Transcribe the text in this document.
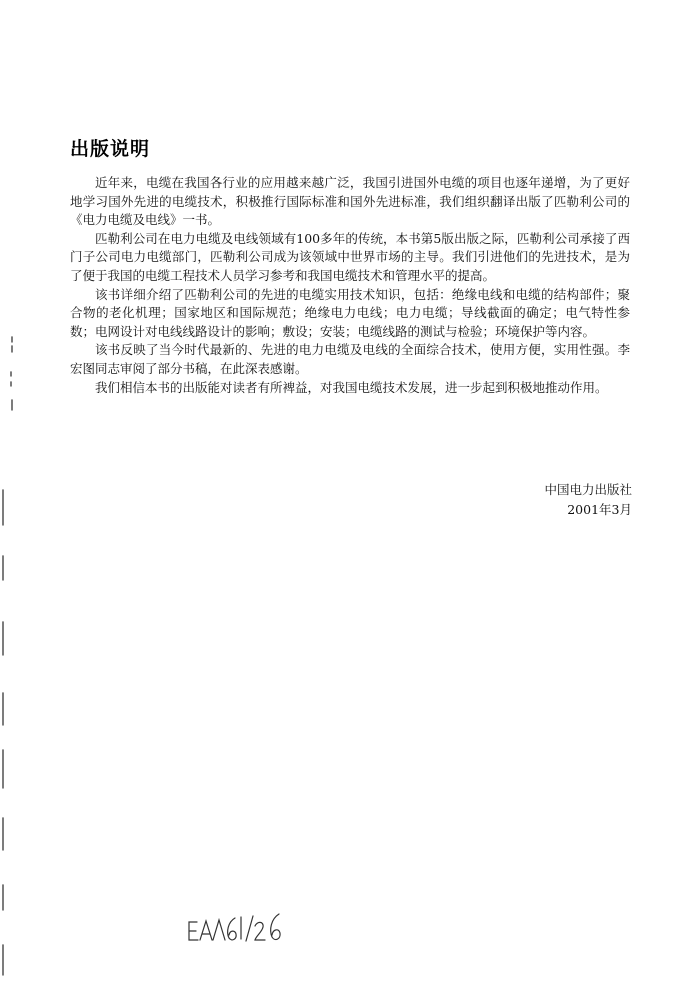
出版说明

近年来，电缆在我国各行业的应用越来越广泛，我国引进国外电缆的项目也逐年递增，为了更好地学习国外先进的电缆技术，积极推行国际标准和国外先进标准，我们组织翻译出版了匹勒利公司的《电力电缆及电线》一书。

匹勒利公司在电力电缆及电线领域有100多年的传统，本书第5版出版之际，匹勒利公司承接了西门子公司电力电缆部门，匹勒利公司成为该领域中世界市场的主导。我们引进他们的先进技术，是为了便于我国的电缆工程技术人员学习参考和我国电缆技术和管理水平的提高。

该书详细介绍了匹勒利公司的先进的电缆实用技术知识，包括：绝缘电线和电缆的结构部件；聚合物的老化机理；国家地区和国际规范；绝缘电力电线；电力电缆；导线截面的确定；电气特性参数；电网设计对电线线路设计的影响；敷设；安装；电缆线路的测试与检验；环境保护等内容。

该书反映了当今时代最新的、先进的电力电缆及电线的全面综合技术，使用方便，实用性强。李宏图同志审阅了部分书稿，在此深表感谢。

我们相信本书的出版能对读者有所裨益，对我国电缆技术发展，进一步起到积极地推动作用。

中国电力出版社
2001年3月
